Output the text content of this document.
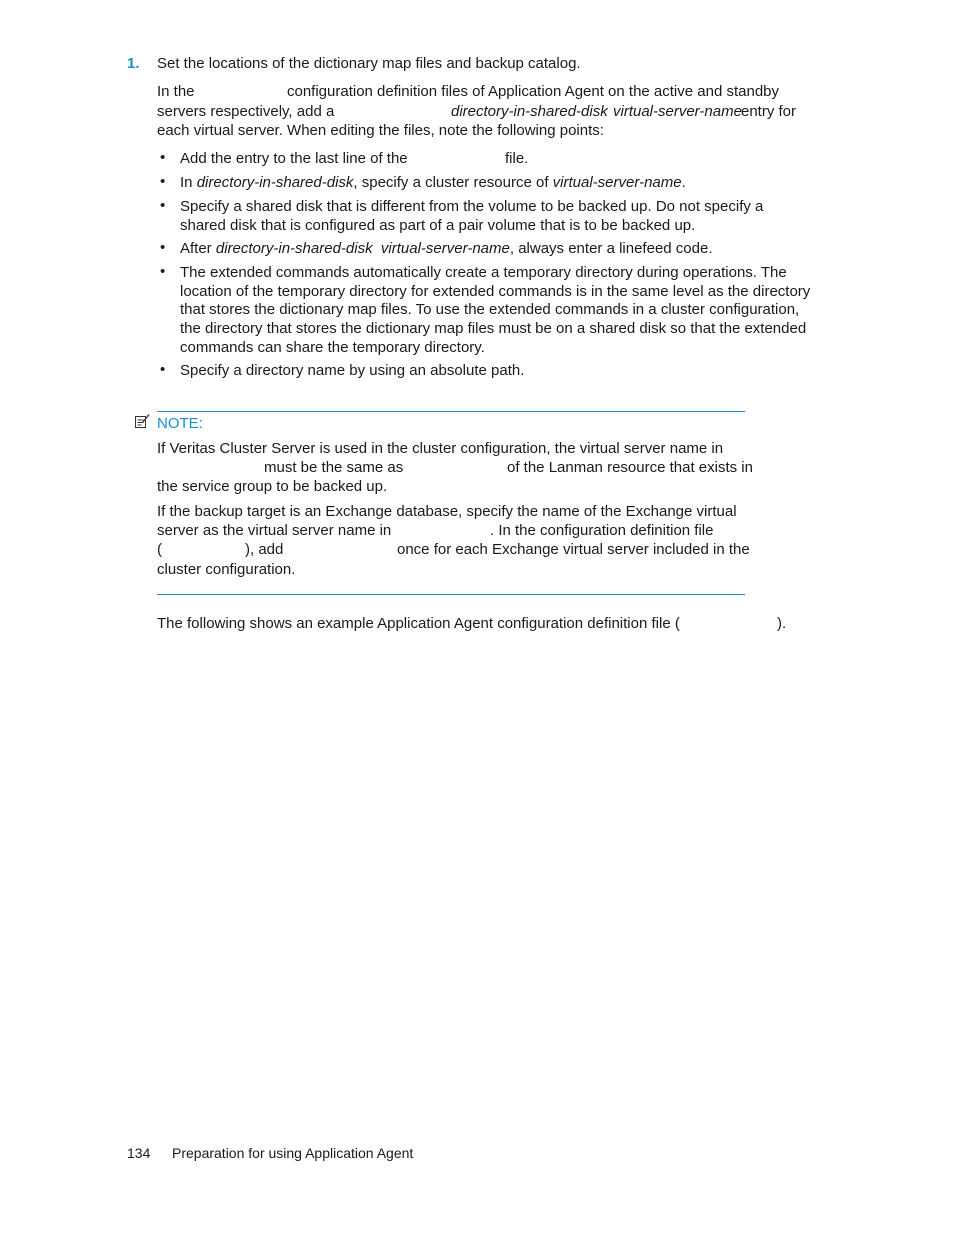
1. Set the locations of the dictionary map files and backup catalog.
In the	configuration definition files of Application Agent on the active and standby
servers respectively, add a	directory-in-shared-disk virtual-server-name entry for
each virtual server. When editing the files, note the following points:
• Add the entry to the last line of the	file.
• In directory-in-shared-disk, specify a cluster resource of virtual-server-name.
• Specify a shared disk that is different from the volume to be backed up. Do not specify a
shared disk that is configured as part of a pair volume that is to be backed up.
• After directory-in-shared-disk virtual-server-name, always enter a linefeed code.
• The extended commands automatically create a temporary directory during operations. The
location of the temporary directory for extended commands is in the same level as the directory
that stores the dictionary map files. To use the extended commands in a cluster configuration,
the directory that stores the dictionary map files must be on a shared disk so that the extended
commands can share the temporary directory.
• Specify a directory name by using an absolute path.
NOTE:
If Veritas Cluster Server is used in the cluster configuration, the virtual server name in
must be the same as	of the Lanman resource that exists in
the service group to be backed up.
If the backup target is an Exchange database, specify the name of the Exchange virtual
server as the virtual server name in	. In the configuration definition file
(	), add	once for each Exchange virtual server included in the
cluster configuration.
The following shows an example Application Agent configuration definition file (	).
134 Preparation for using Application Agent
